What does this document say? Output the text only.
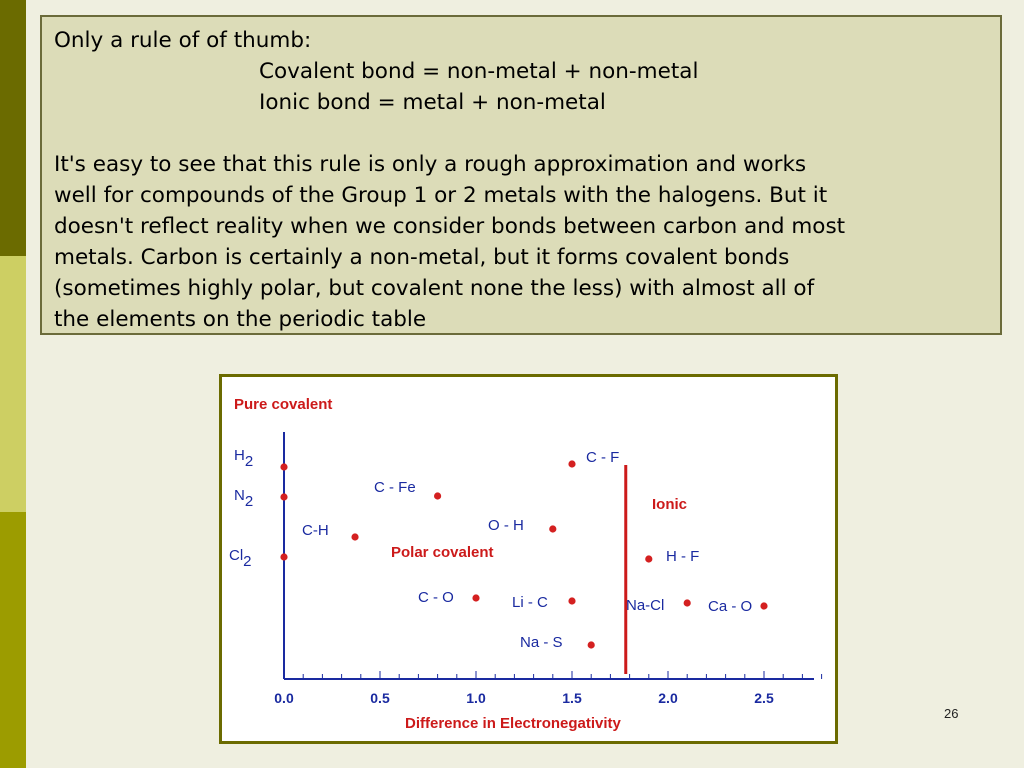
Only a rule of of thumb:

Covalent bond = non-metal + non-metal

Ionic bond = metal + non-metal

It's easy to see that this rule is only a rough approximation and works

well for compounds of the Group 1 or 2 metals with the halogens. But it

doesn't reflect reality when we consider bonds between carbon and most

metals. Carbon is certainly a non-metal, but it forms covalent bonds

(sometimes highly polar, but covalent none the less) with almost all of

the elements on the periodic table

Pure covalent
Polar covalent
Ionic
0.0	0.5	1.0	1.5	2.0	2.5
Difference in Electronegativity
H2
N2
Cl2
C-H
C - Fe
C - O
O - H
C - F
Li - C
Na - S
H - F
Na-Cl	Ca - O
26
